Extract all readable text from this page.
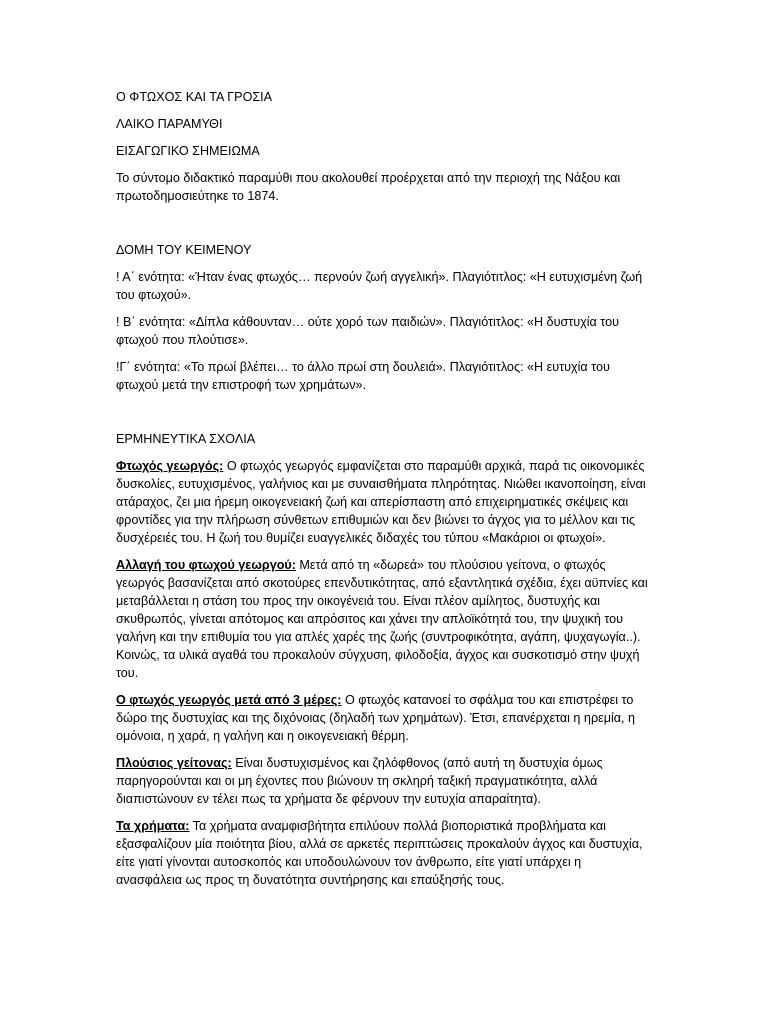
Ο ΦΤΩΧΟΣ ΚΑΙ ΤΑ ΓΡΟΣΙΑ

ΛΑΙΚΟ ΠΑΡΑΜΥΘΙ

ΕΙΣΑΓΩΓΙΚΟ ΣΗΜΕΙΩΜΑ

Το σύντομο διδακτικό παραμύθι που ακολουθεί προέρχεται από την περιοχή της Νάξου και πρωτοδημοσιεύτηκε το 1874.

ΔΟΜΗ ΤΟΥ ΚΕΙΜΕΝΟΥ

! Α΄ ενότητα: «Ήταν ένας φτωχός… περνούν ζωή αγγελική». Πλαγιότιτλος: «Η ευτυχισμένη ζωή του φτωχού».

! Β΄ ενότητα: «Δίπλα κάθουνταν… ούτε χορό των παιδιών». Πλαγιότιτλος: «Η δυστυχία του φτωχού που πλούτισε».

!Γ΄ ενότητα: «Το πρωί βλέπει… το άλλο πρωί στη δουλειά». Πλαγιότιτλος: «Η ευτυχία του φτωχού μετά την επιστροφή των χρημάτων».

ΕΡΜΗΝΕΥΤΙΚΑ ΣΧΟΛΙΑ

Φτωχός γεωργός: Ο φτωχός γεωργός εμφανίζεται στο παραμύθι αρχικά, παρά τις οικονομικές δυσκολίες, ευτυχισμένος, γαλήνιος και με συναισθήματα πληρότητας. Νιώθει ικανοποίηση, είναι ατάραχος, ζει μια ήρεμη οικογενειακή ζωή και απερίσπαστη από επιχειρηματικές σκέψεις και φροντίδες για την πλήρωση σύνθετων επιθυμιών και δεν βιώνει το άγχος για το μέλλον και τις δυσχέρειές του. Η ζωή του θυμίζει ευαγγελικές διδαχές του τύπου «Μακάριοι οι φτωχοί».

Αλλαγή του φτωχού γεωργού: Μετά από τη «δωρεά» του πλούσιου γείτονα, ο φτωχός γεωργός βασανίζεται από σκοτούρες επενδυτικότητας, από εξαντλητικά σχέδια, έχει αϋπνίες και μεταβάλλεται η στάση του προς την οικογένειά του. Είναι πλέον αμίλητος, δυστυχής και σκυθρωπός, γίνεται απότομος και απρόσιτος και χάνει την απλοϊκότητά του, την ψυχική του γαλήνη και την επιθυμία του για απλές χαρές της ζωής (συντροφικότητα, αγάπη, ψυχαγωγία..). Κοινώς, τα υλικά αγαθά του προκαλούν σύγχυση, φιλοδοξία, άγχος και συσκοτισμό στην ψυχή του.

Ο φτωχός γεωργός μετά από 3 μέρες: Ο φτωχός κατανοεί το σφάλμα του και επιστρέφει το δώρο της δυστυχίας και της διχόνοιας (δηλαδή των χρημάτων). Έτσι, επανέρχεται η ηρεμία, η ομόνοια, η χαρά, η γαλήνη και η οικογενειακή θέρμη.

Πλούσιος γείτονας: Είναι δυστυχισμένος και ζηλόφθονος (από αυτή τη δυστυχία όμως παρηγορούνται και οι μη έχοντες που βιώνουν τη σκληρή ταξική πραγματικότητα, αλλά διαπιστώνουν εν τέλει πως τα χρήματα δε φέρνουν την ευτυχία απαραίτητα).

Τα χρήματα: Τα χρήματα αναμφισβήτητα επιλύουν πολλά βιοποριστικά προβλήματα και εξασφαλίζουν μία ποιότητα βίου, αλλά σε αρκετές περιπτώσεις προκαλούν άγχος και δυστυχία, είτε γιατί γίνονται αυτοσκοπός και υποδουλώνουν τον άνθρωπο, είτε γιατί υπάρχει η ανασφάλεια ως προς τη δυνατότητα συντήρησης και επαύξησής τους.
